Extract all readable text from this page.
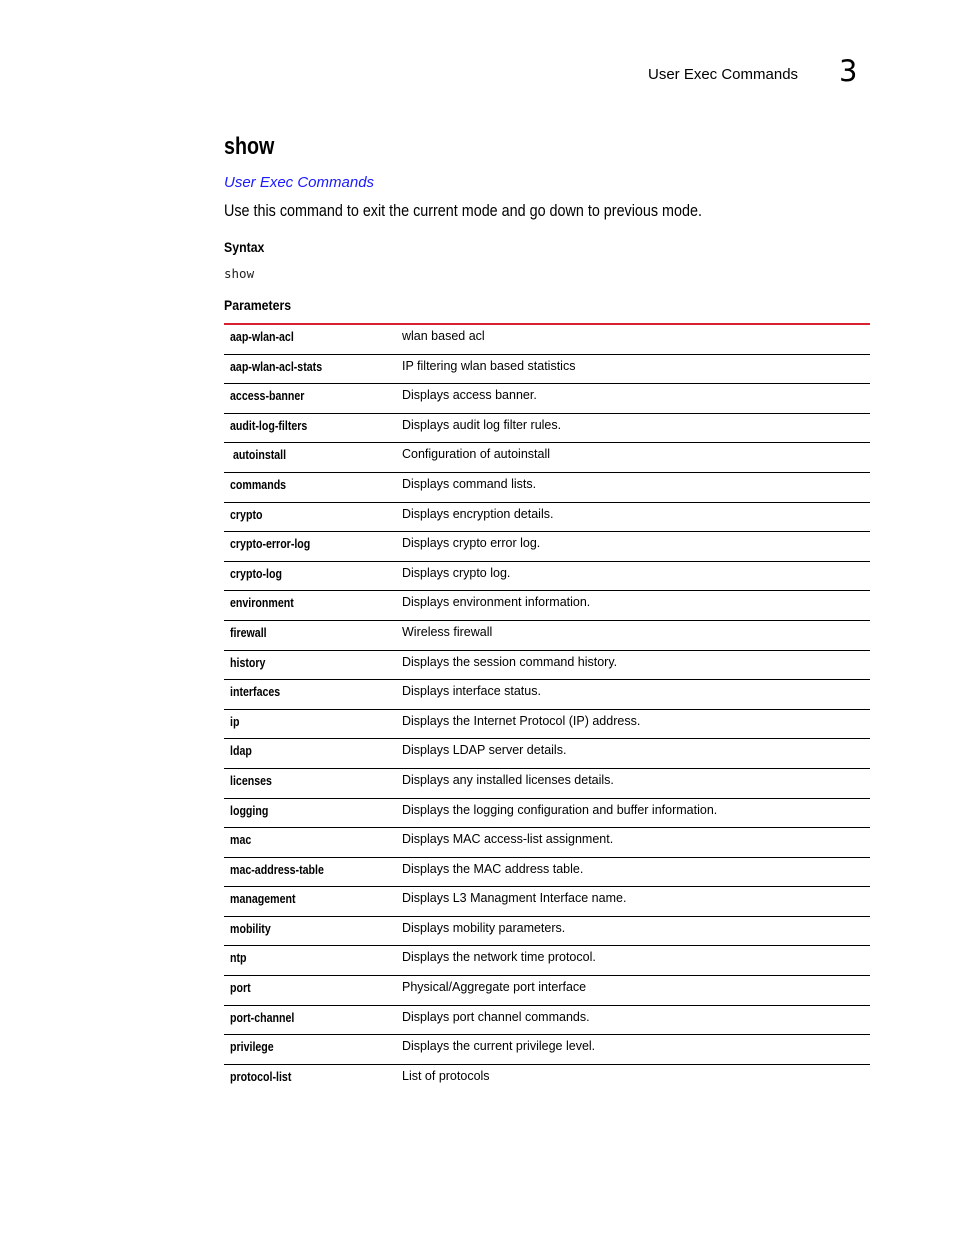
User Exec Commands 3
show
User Exec Commands
Use this command to exit the current mode and go down to previous mode.
Syntax
show
Parameters
aap-wlan-acl	wlan based acl
aap-wlan-acl-stats	IP filtering wlan based statistics
access-banner	Displays access banner.
audit-log-filters	Displays audit log filter rules.
autoinstall	Configuration of autoinstall
commands	Displays command lists.
crypto	Displays encryption details.
crypto-error-log	Displays crypto error log.
crypto-log	Displays crypto log.
environment	Displays environment information.
firewall	Wireless firewall
history	Displays the session command history.
interfaces	Displays interface status.
ip	Displays the Internet Protocol (IP) address.
ldap	Displays LDAP server details.
licenses	Displays any installed licenses details.
logging	Displays the logging configuration and buffer information.
mac	Displays MAC access-list assignment.
mac-address-table	Displays the MAC address table.
management	Displays L3 Managment Interface name.
mobility	Displays mobility parameters.
ntp	Displays the network time protocol.
port	Physical/Aggregate port interface
port-channel	Displays port channel commands.
privilege	Displays the current privilege level.
protocol-list	List of protocols
